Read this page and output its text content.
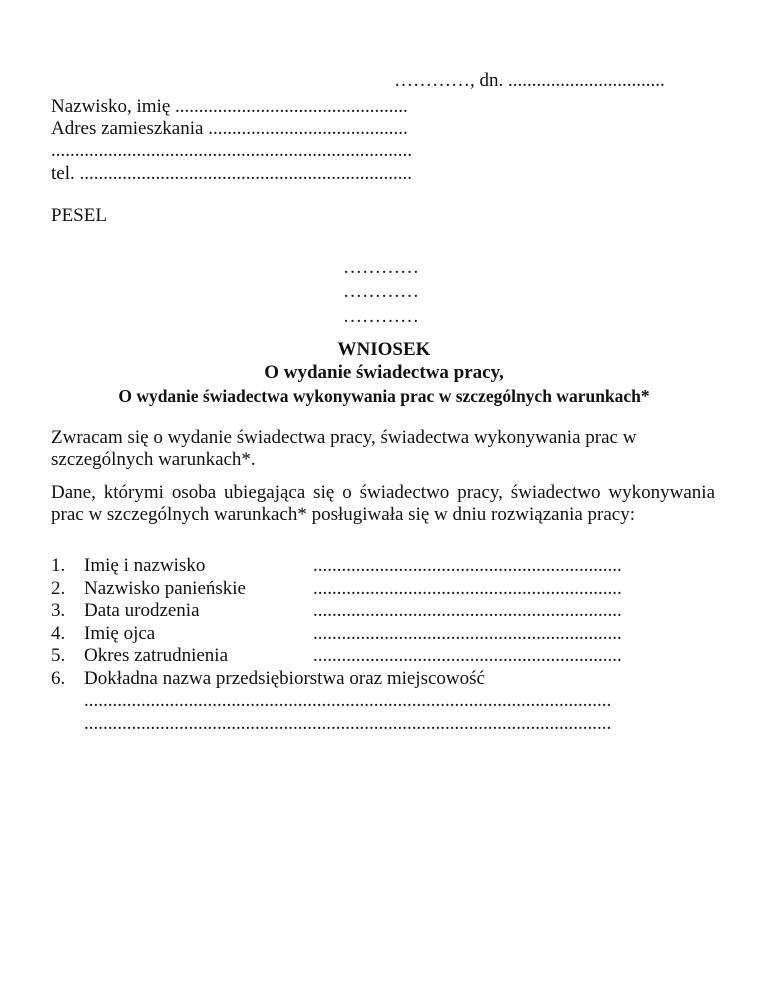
…………, dn. .................................
Nazwisko, imię .................................................
Adres zamieszkania ..........................................
............................................................................
tel. ......................................................................
PESEL
…………
…………
…………
WNIOSEK
O wydanie świadectwa pracy,
O wydanie świadectwa wykonywania prac w szczególnych warunkach*
Zwracam się o wydanie świadectwa pracy, świadectwa wykonywania prac w szczególnych warunkach*.
Dane, którymi osoba ubiegająca się o świadectwo pracy, świadectwo wykonywania prac w szczególnych warunkach* posługiwała się w dniu rozwiązania pracy:
1. Imię i nazwisko	.................................................................
2. Nazwisko panieńskie	.................................................................
3. Data urodzenia	.................................................................
4. Imię ojca	.................................................................
5. Okres zatrudnienia	.................................................................
6. Dokładna nazwa przedsiębiorstwa oraz miejscowość
...............................................................................................................
...............................................................................................................
